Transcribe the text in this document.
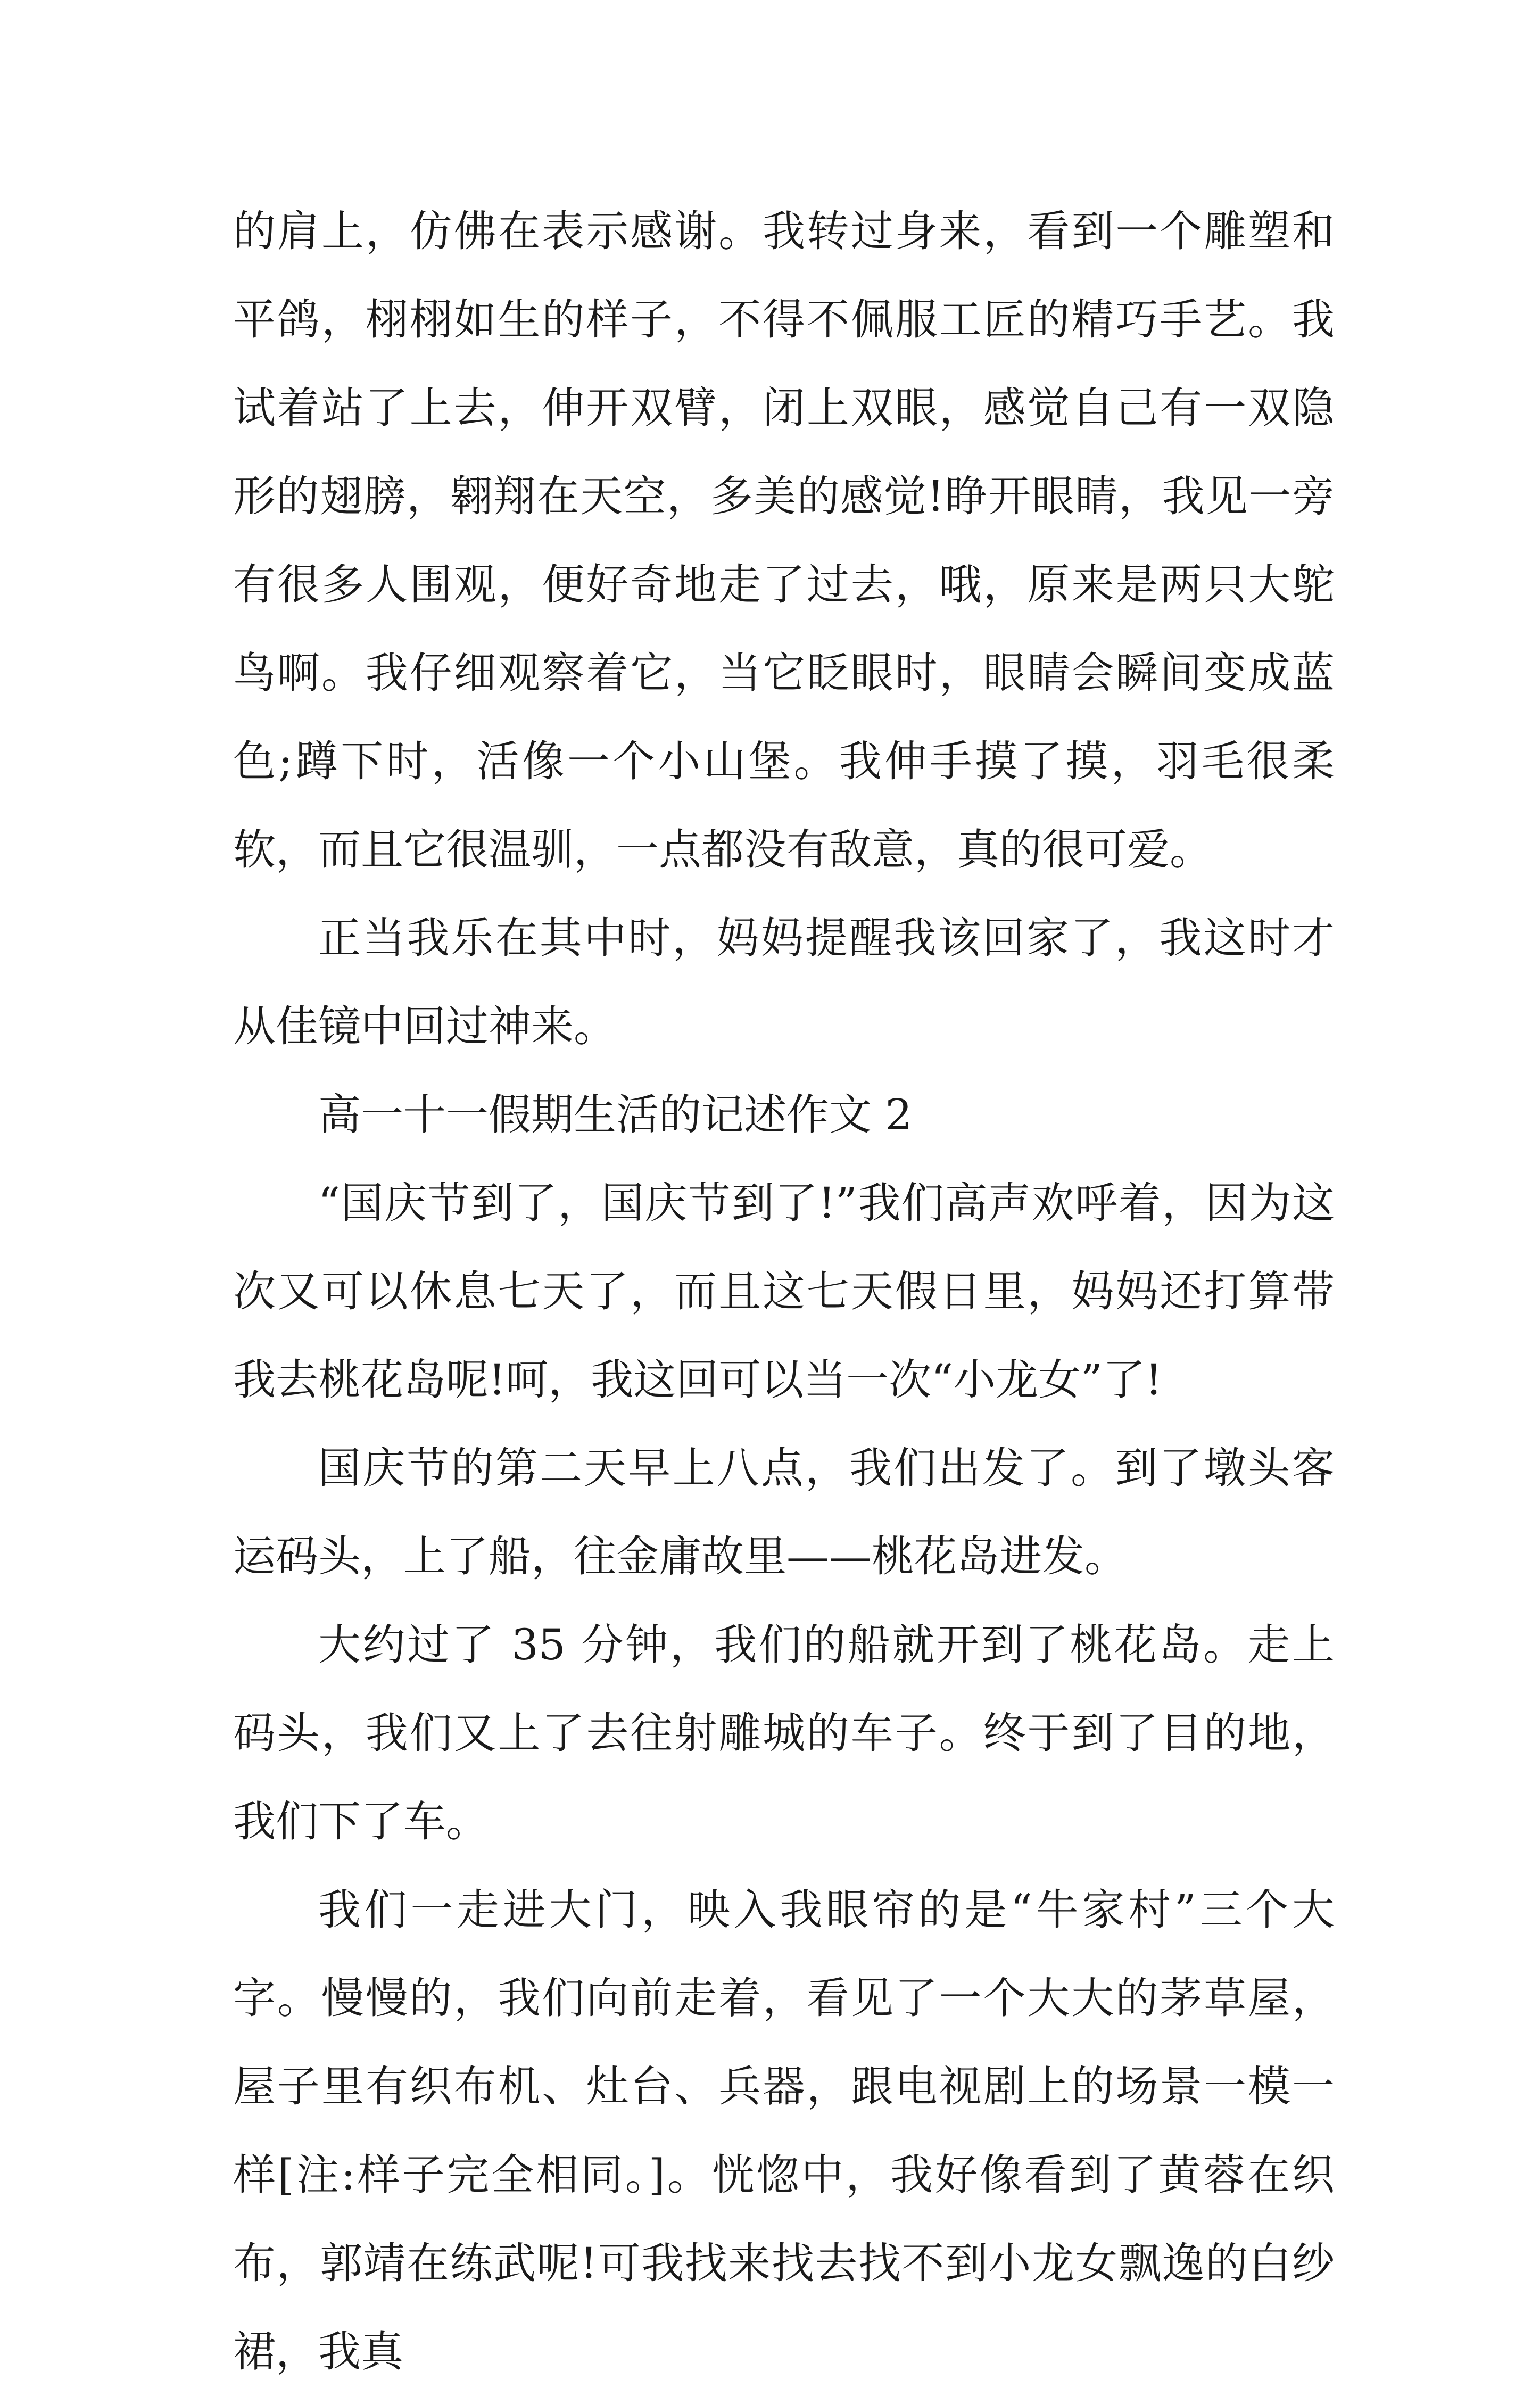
的肩上，仿佛在表示感谢。我转过身来，看到一个雕塑和平鸽，栩栩如生的样子，不得不佩服工匠的精巧手艺。我试着站了上去，伸开双臂，闭上双眼，感觉自己有一双隐形的翅膀，翱翔在天空，多美的感觉!睁开眼睛，我见一旁有很多人围观，便好奇地走了过去，哦，原来是两只大鸵鸟啊。我仔细观察着它，当它眨眼时，眼睛会瞬间变成蓝色;蹲下时，活像一个小山堡。我伸手摸了摸，羽毛很柔软，而且它很温驯，一点都没有敌意，真的很可爱。

正当我乐在其中时，妈妈提醒我该回家了，我这时才从佳镜中回过神来。

高一十一假期生活的记述作文 2

“国庆节到了，国庆节到了!”我们高声欢呼着，因为这次又可以休息七天了，而且这七天假日里，妈妈还打算带我去桃花岛呢!呵，我这回可以当一次“小龙女”了!

国庆节的第二天早上八点，我们出发了。到了墩头客运码头，上了船，往金庸故里——桃花岛进发。

大约过了 35 分钟，我们的船就开到了桃花岛。走上码头，我们又上了去往射雕城的车子。终于到了目的地，我们下了车。

我们一走进大门，映入我眼帘的是“牛家村”三个大字。慢慢的，我们向前走着，看见了一个大大的茅草屋，屋子里有织布机、灶台、兵器，跟电视剧上的场景一模一样[注:样子完全相同。]。恍惚中，我好像看到了黄蓉在织布，郭靖在练武呢!可我找来找去找不到小龙女飘逸的白纱裙，我真
